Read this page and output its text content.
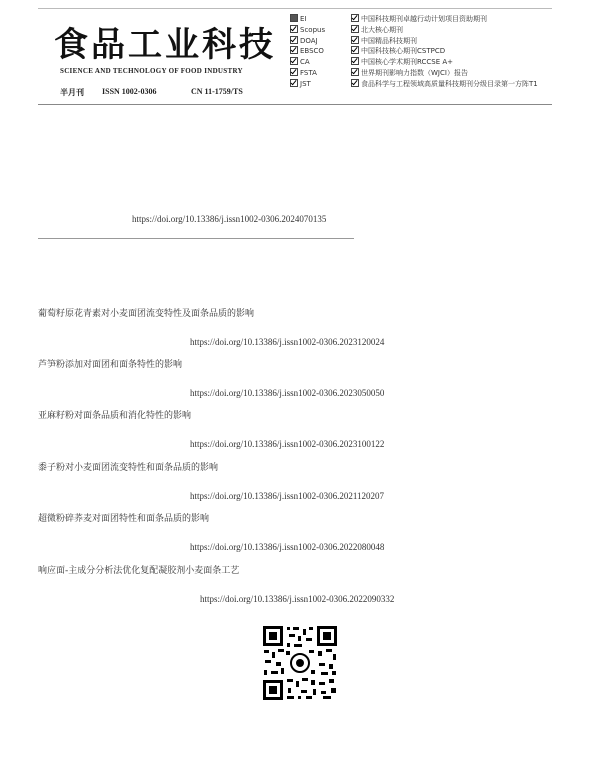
食品工业科技
SCIENCE AND TECHNOLOGY OF FOOD INDUSTRY
半月刊 ISSN 1002-0306	CN 11-1759/TS
EI
Scopus
DOAJ
EBSCO
CA
FSTA
JST
中国科技期刊卓越行动计划项目资助期刊
北大核心期刊
中国精品科技期刊
中国科技核心期刊CSTPCD
中国核心学术期刊RCCSE A+
世界期刊影响力指数（WJCI）报告
食品科学与工程领域高质量科技期刊分级目录第一方阵T1
https://doi.org/10.13386/j.issn1002-0306.2024070135
葡萄籽原花青素对小麦面团流变特性及面条品质的影响
https://doi.org/10.13386/j.issn1002-0306.2023120024
芦笋粉添加对面团和面条特性的影响
https://doi.org/10.13386/j.issn1002-0306.2023050050
亚麻籽粉对面条品质和消化特性的影响
https://doi.org/10.13386/j.issn1002-0306.2023100122
黍子粉对小麦面团流变特性和面条品质的影响
https://doi.org/10.13386/j.issn1002-0306.2021120207
超微粉碎荞麦对面团特性和面条品质的影响
https://doi.org/10.13386/j.issn1002-0306.2022080048
响应面-主成分分析法优化复配凝胶剂小麦面条工艺
https://doi.org/10.13386/j.issn1002-0306.2022090332
